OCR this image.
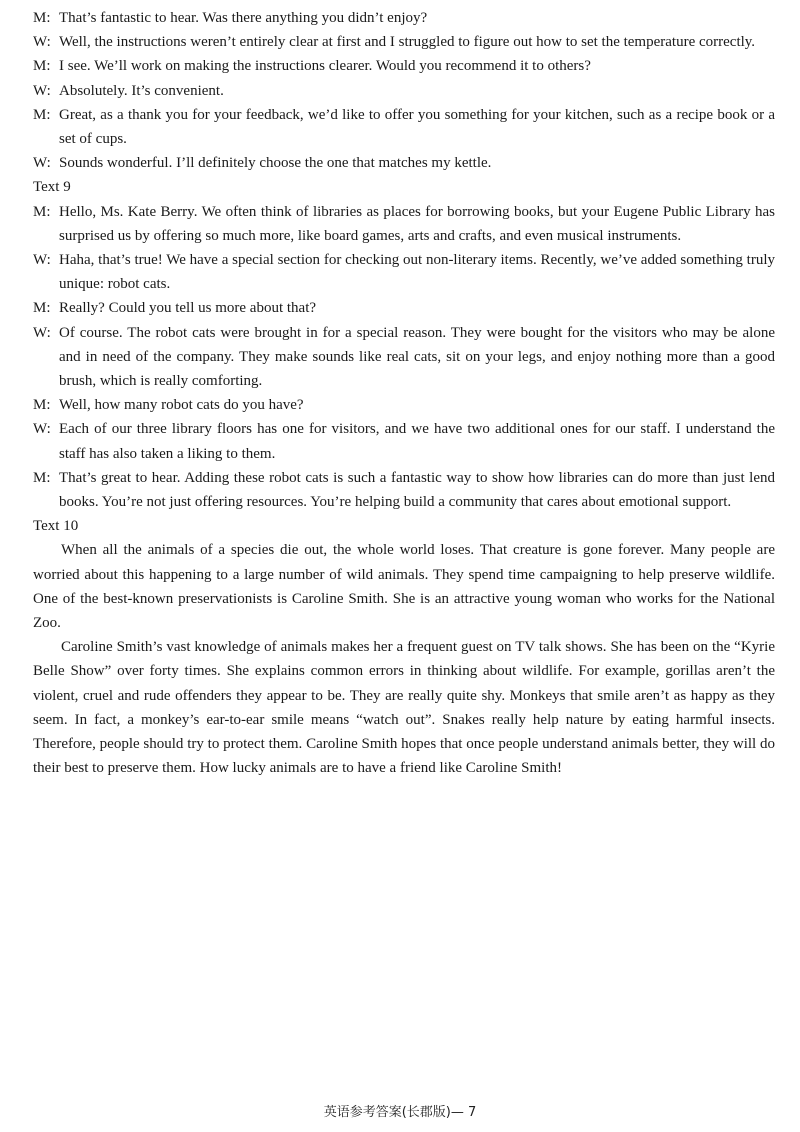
M: That’s fantastic to hear. Was there anything you didn’t enjoy?
W: Well, the instructions weren’t entirely clear at first and I struggled to figure out how to set the temperature correctly.
M: I see. We’ll work on making the instructions clearer. Would you recommend it to others?
W: Absolutely. It’s convenient.
M: Great, as a thank you for your feedback, we’d like to offer you something for your kitchen, such as a recipe book or a set of cups.
W: Sounds wonderful. I’ll definitely choose the one that matches my kettle.
Text 9
M: Hello, Ms. Kate Berry. We often think of libraries as places for borrowing books, but your Eugene Public Library has surprised us by offering so much more, like board games, arts and crafts, and even musical instruments.
W: Haha, that’s true! We have a special section for checking out non-literary items. Recently, we’ve added something truly unique: robot cats.
M: Really? Could you tell us more about that?
W: Of course. The robot cats were brought in for a special reason. They were bought for the visitors who may be alone and in need of the company. They make sounds like real cats, sit on your legs, and enjoy nothing more than a good brush, which is really comforting.
M: Well, how many robot cats do you have?
W: Each of our three library floors has one for visitors, and we have two additional ones for our staff. I understand the staff has also taken a liking to them.
M: That’s great to hear. Adding these robot cats is such a fantastic way to show how libraries can do more than just lend books. You’re not just offering resources. You’re helping build a community that cares about emotional support.
Text 10

When all the animals of a species die out, the whole world loses. That creature is gone forever. Many people are worried about this happening to a large number of wild animals. They spend time campaigning to help preserve wildlife. One of the best-known preservationists is Caroline Smith. She is an attractive young woman who works for the National Zoo.

Caroline Smith’s vast knowledge of animals makes her a frequent guest on TV talk shows. She has been on the “Kyrie Belle Show” over forty times. She explains common errors in thinking about wildlife. For example, gorillas aren’t the violent, cruel and rude offenders they appear to be. They are really quite shy. Monkeys that smile aren’t as happy as they seem. In fact, a monkey’s ear-to-ear smile means “watch out”. Snakes really help nature by eating harmful insects. Therefore, people should try to protect them. Caroline Smith hopes that once people understand animals better, they will do their best to preserve them. How lucky animals are to have a friend like Caroline Smith!

英语参考答案(长郡版)— 7
